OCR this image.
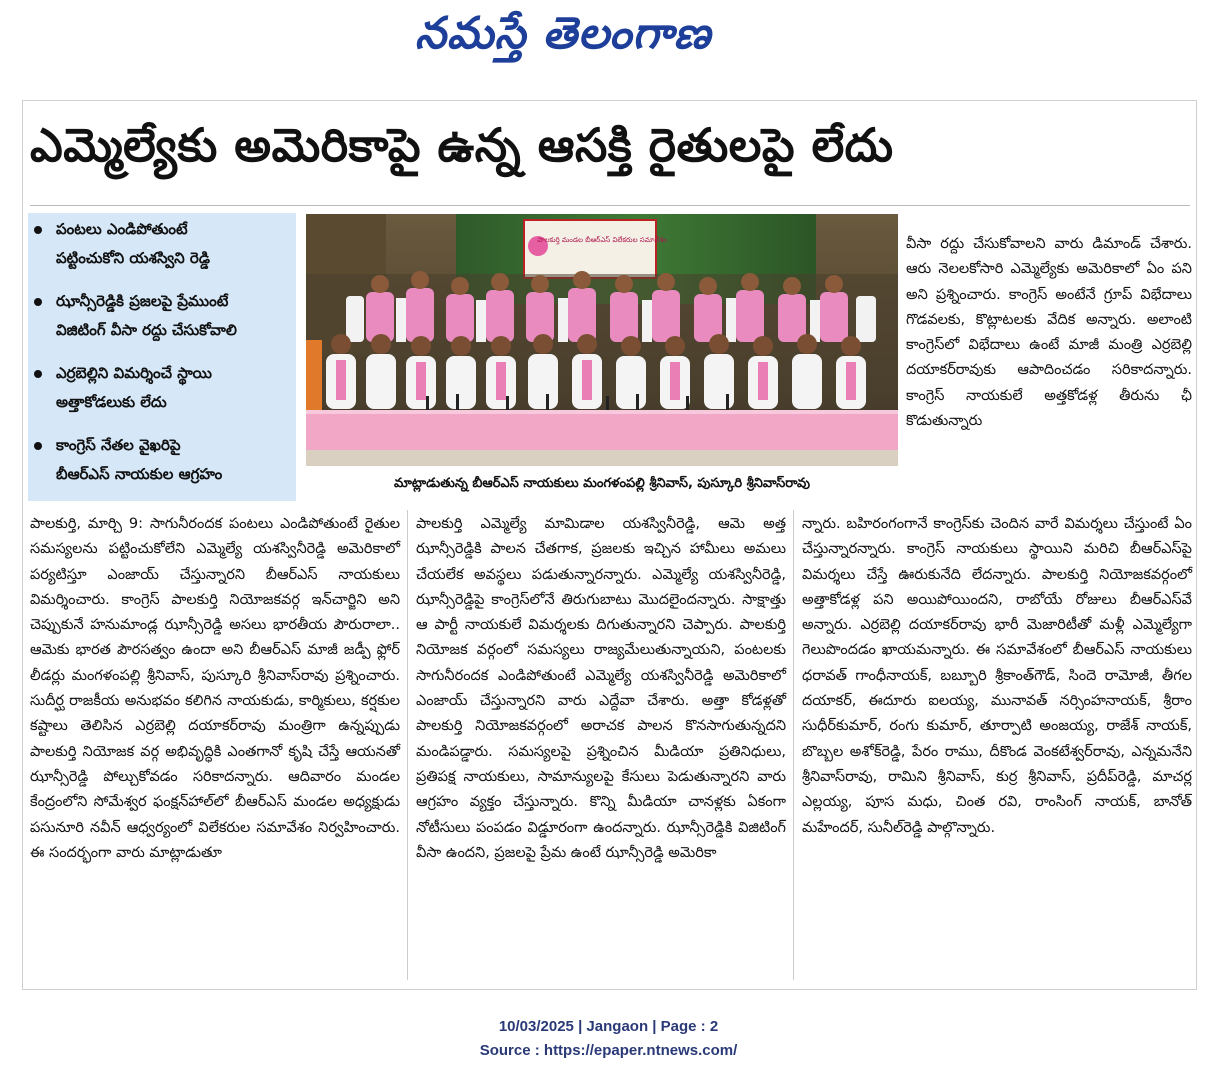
నమస్తే తెలంగాణ
ఎమ్మెల్యేకు అమెరికాపై ఉన్న ఆసక్తి రైతులపై లేదు
పంటలు ఎండిపోతుంటే
పట్టించుకోని యశస్విని రెడ్డి
ఝాన్సీరెడ్డికి ప్రజలపై ప్రేముంటే
విజిటింగ్ వీసా రద్దు చేసుకోవాలి
ఎర్రబెల్లిని విమర్శించే స్థాయి
అత్తాకోడలుకు లేదు
కాంగ్రెస్ నేతల వైఖరిపై
బీఆర్ఎస్ నాయకుల ఆగ్రహం
పాలకుర్తి మండల బీఆర్ఎస్ విలేకరుల సమావేశం
మాట్లాడుతున్న బీఆర్ఎస్ నాయకులు మంగళంపల్లి శ్రీనివాస్, పుస్కూరి శ్రీనివాస్‌రావు

వీసా రద్దు చేసుకోవాలని వారు డిమాండ్ చేశారు. ఆరు నెలలకోసారి ఎమ్మెల్యేకు అమెరికాలో ఏం పని అని ప్రశ్నించారు. కాంగ్రెస్ అంటేనే గ్రూప్ విభేదాలు గొడవలకు, కొట్లాటలకు వేదిక అన్నారు. అలాంటి కాంగ్రెస్‌లో విభేదాలు ఉంటే మాజీ మంత్రి ఎర్రబెల్లి దయాకర్‌రావుకు ఆపాదించడం సరికాదన్నారు. కాంగ్రెస్ నాయకులే అత్తకోడళ్ల తీరును ఛీ కొడుతున్నారు

పాలకుర్తి, మార్చి 9: సాగునీరందక పంటలు ఎండిపోతుంటే రైతుల సమస్యలను పట్టించుకోలేని ఎమ్మెల్యే యశస్వినీరెడ్డి అమెరికాలో పర్యటిస్తూ ఎంజాయ్ చేస్తున్నారని బీఆర్ఎస్ నాయకులు విమర్శించారు. కాంగ్రెస్ పాలకుర్తి నియోజకవర్గ ఇన్‌చార్జిని అని చెప్పుకునే హనుమాండ్ల ఝాన్సీరెడ్డి అసలు భారతీయ పౌరురాలా.. ఆమెకు భారత పౌరసత్వం ఉందా అని బీఆర్ఎస్ మాజీ జడ్పీ ఫ్లోర్ లీడర్లు మంగళంపల్లి శ్రీనివాస్, పుస్కూరి శ్రీనివాస్‌రావు ప్రశ్నించారు. సుదీర్ఘ రాజకీయ అనుభవం కలిగిన నాయకుడు, కార్మికులు, కర్షకుల కష్టాలు తెలిసిన ఎర్రబెల్లి దయాకర్‌రావు మంత్రిగా ఉన్నప్పుడు పాలకుర్తి నియోజక వర్గ అభివృద్ధికి ఎంతగానో కృషి చేస్తే ఆయనతో ఝాన్సీరెడ్డి పోల్చుకోవడం సరికాదన్నారు. ఆదివారం మండల కేంద్రంలోని సోమేశ్వర ఫంక్షన్‌హాల్‌లో బీఆర్ఎస్ మండల అధ్యక్షుడు పసునూరి నవీన్ ఆధ్వర్యంలో విలేకరుల సమావేశం నిర్వహించారు. ఈ సందర్భంగా వారు మాట్లాడుతూ

పాలకుర్తి ఎమ్మెల్యే మామిడాల యశస్వినీరెడ్డి, ఆమె అత్త ఝాన్సీరెడ్డికి పాలన చేతగాక, ప్రజలకు ఇచ్చిన హామీలు అమలు చేయలేక అవస్థలు పడుతున్నారన్నారు. ఎమ్మెల్యే యశస్వినీరెడ్డి, ఝాన్సీరెడ్డిపై కాంగ్రెస్‌లోనే తిరుగుబాటు మొదలైందన్నారు. సాక్షాత్తు ఆ పార్టీ నాయకులే విమర్శలకు దిగుతున్నారని చెప్పారు. పాలకుర్తి నియోజక వర్గంలో సమస్యలు రాజ్యమేలుతున్నాయని, పంటలకు సాగునీరందక ఎండిపోతుంటే ఎమ్మెల్యే యశస్వినీరెడ్డి అమెరికాలో ఎంజాయ్ చేస్తున్నారని వారు ఎద్దేవా చేశారు. అత్తా కోడళ్లతో పాలకుర్తి నియోజకవర్గంలో అరాచక పాలన కొనసాగుతున్నదని మండిపడ్డారు. సమస్యలపై ప్రశ్నించిన మీడియా ప్రతినిధులు, ప్రతిపక్ష నాయకులు, సామాన్యులపై కేసులు పెడుతున్నారని వారు ఆగ్రహం వ్యక్తం చేస్తున్నారు. కొన్ని మీడియా చానళ్లకు ఏకంగా నోటీసులు పంపడం విడ్డూరంగా ఉందన్నారు. ఝాన్సీరెడ్డికి విజిటింగ్ వీసా ఉందని, ప్రజలపై ప్రేమ ఉంటే ఝాన్సీరెడ్డి అమెరికా

న్నారు. బహిరంగంగానే కాంగ్రెస్‌కు చెందిన వారే విమర్శలు చేస్తుంటే ఏం చేస్తున్నారన్నారు. కాంగ్రెస్ నాయకులు స్థాయిని మరిచి బీఆర్ఎస్‌పై విమర్శలు చేస్తే ఊరుకునేది లేదన్నారు. పాలకుర్తి నియోజకవర్గంలో అత్తాకోడళ్ల పని అయిపోయిందని, రాబోయే రోజులు బీఆర్ఎస్‌వే అన్నారు. ఎర్రబెల్లి దయాకర్‌రావు భారీ మెజారిటీతో మళ్లీ ఎమ్మెల్యేగా గెలుపొందడం ఖాయమన్నారు. ఈ సమావేశంలో బీఆర్ఎస్ నాయకులు ధరావత్ గాంధీనాయక్, బబ్బూరి శ్రీకాంత్‌గౌడ్, సిందె రామోజీ, తీగల దయాకర్, ఈదూరు ఐలయ్య, మునావత్ నర్సింహనాయక్, శ్రీరాం సుధీర్‌కుమార్, రంగు కుమార్, తూర్పాటి అంజయ్య, రాజేశ్ నాయక్, బొబ్బల అశోక్‌రెడ్డి, పేరం రాము, దీకొండ వెంకటేశ్వర్‌రావు, ఎన్నమనేని శ్రీనివాస్‌రావు, రామిని శ్రీనివాస్, కుర్ర శ్రీనివాస్, ప్రదీప్‌రెడ్డి, మాచర్ల ఎల్లయ్య, పూస మధు, చింత రవి, రాంసింగ్ నాయక్, బానోత్ మహేందర్, సునీల్‌రెడ్డి పాల్గొన్నారు.

10/03/2025 | Jangaon | Page : 2
Source : https://epaper.ntnews.com/
